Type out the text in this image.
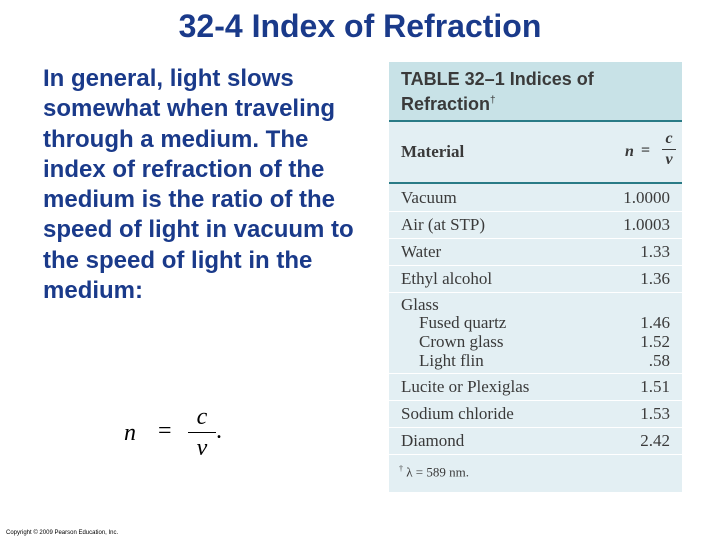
32-4 Index of Refraction

In general, light slows somewhat when traveling through a medium. The index of refraction of the medium is the ratio of the speed of light in vacuum to the speed of light in the medium:

n =
c
v
.
TABLE 32–1 Indices of
Refraction†
Material	n =
c
v
Vacuum	1.0000
Air (at STP)	1.0003
Water	1.33
Ethyl alcohol	1.36
Glass
Fused quartz	1.46
Crown glass	1.52
Light flin	.58
Lucite or Plexiglas	1.51
Sodium chloride	1.53
Diamond	2.42
† λ = 589 nm.
Copyright © 2009 Pearson Education, Inc.
